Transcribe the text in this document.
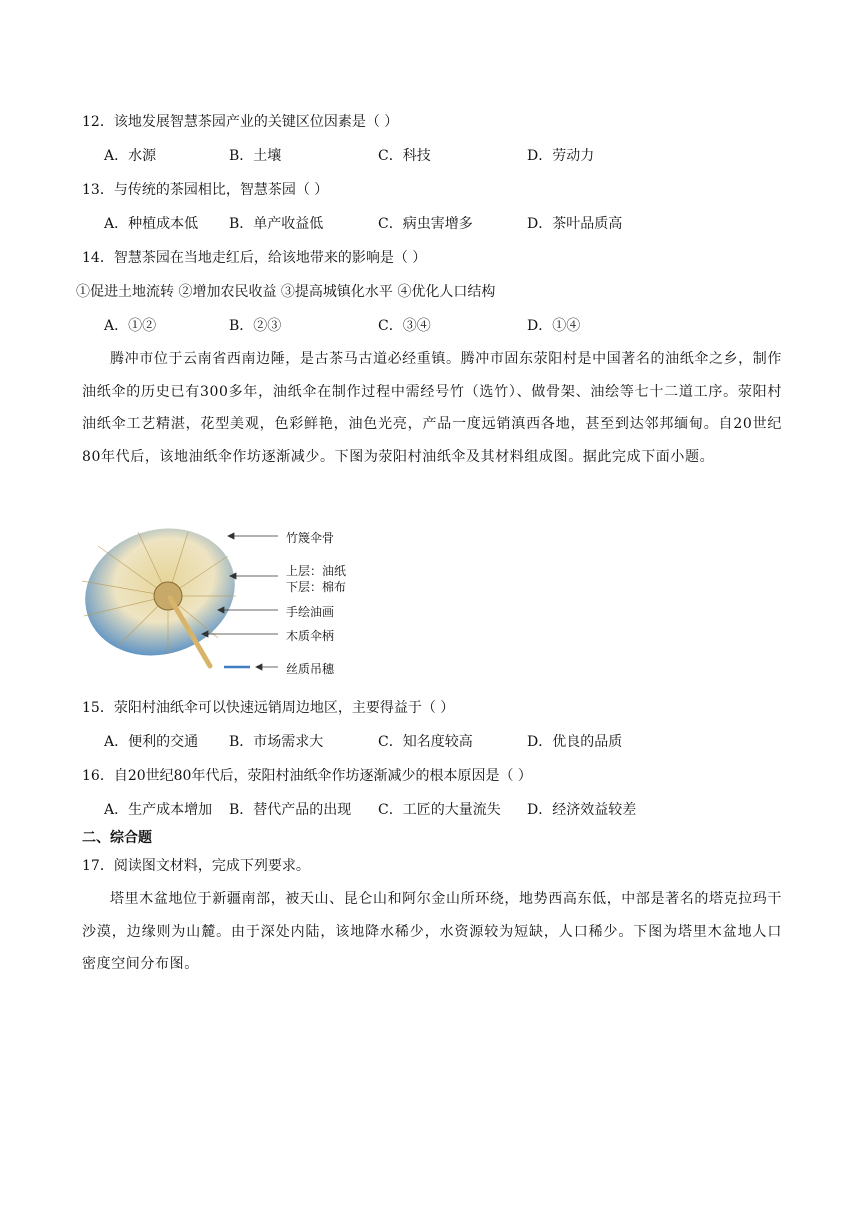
12．该地发展智慧茶园产业的关键区位因素是（ ）
A．水源	B．土壤	C．科技	D．劳动力
13．与传统的茶园相比，智慧茶园（ ）
A．种植成本低 B．单产收益低	C．病虫害增多	D．茶叶品质高
14．智慧茶园在当地走红后，给该地带来的影响是（ ）
①促进土地流转 ②增加农民收益 ③提高城镇化水平 ④优化人口结构
A．①②	B．②③	C．③④	D．①④
腾冲市位于云南省西南边陲，是古茶马古道必经重镇。腾冲市固东荥阳村是中国著名的油纸伞之乡，制作油纸伞的历史已有300多年，油纸伞在制作过程中需经号竹（选竹）、做骨架、油绘等七十二道工序。荥阳村油纸伞工艺精湛，花型美观，色彩鲜艳，油色光亮，产品一度远销滇西各地，甚至到达邻邦缅甸。自20世纪80年代后，该地油纸伞作坊逐渐减少。下图为荥阳村油纸伞及其材料组成图。据此完成下面小题。
竹篾伞骨
上层：油纸
下层：棉布
手绘油画
木质伞柄
丝质吊穗
15．荥阳村油纸伞可以快速远销周边地区，主要得益于（ ）
A．便利的交通 B．市场需求大	C．知名度较高	D．优良的品质
16．自20世纪80年代后，荥阳村油纸伞作坊逐渐减少的根本原因是（ ）
A．生产成本增加 B．替代产品的出现 C．工匠的大量流失 D．经济效益较差
二、综合题
17．阅读图文材料，完成下列要求。
塔里木盆地位于新疆南部，被天山、昆仑山和阿尔金山所环绕，地势西高东低，中部是著名的塔克拉玛干沙漠，边缘则为山麓。由于深处内陆，该地降水稀少，水资源较为短缺，人口稀少。下图为塔里木盆地人口密度空间分布图。
